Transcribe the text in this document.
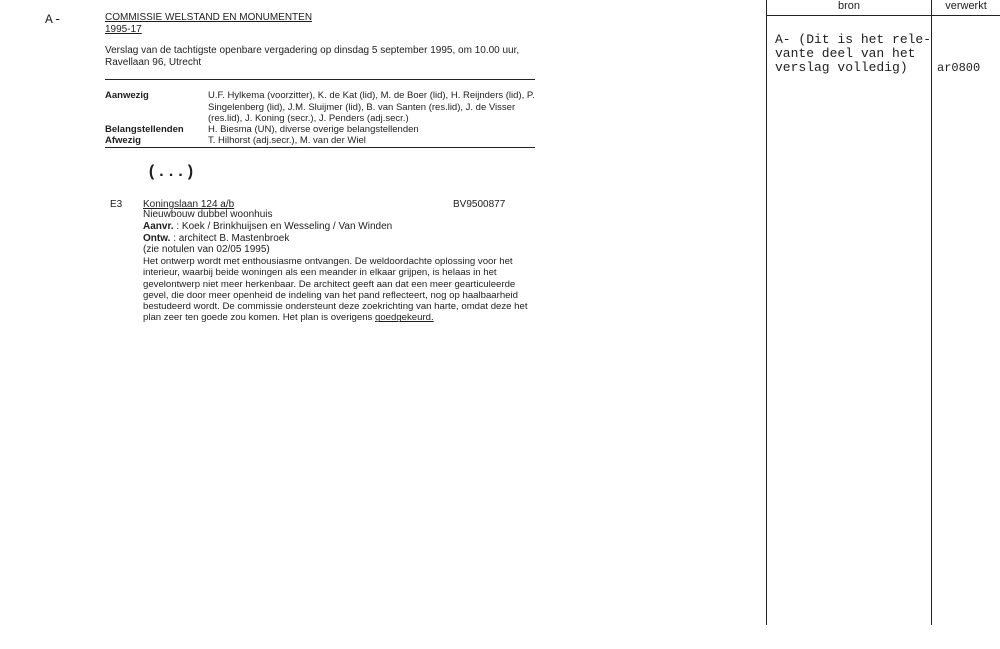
A-	COMMISSIE WELSTAND EN MONUMENTEN
1995-17
Verslag van de tachtigste openbare vergadering op dinsdag 5 september 1995, om 10.00 uur, Ravellaan 96, Utrecht
Aanwezig	U.F. Hylkema (voorzitter), K. de Kat (lid), M. de Boer (lid), H. Reijnders (lid), P. Singelenberg (lid), J.M. Sluijmer (lid), B. van Santen (res.lid), J. de Visser (res.lid), J. Koning (secr.), J. Penders (adj.secr.)
Belangstellenden	H. Biesma (UN), diverse overige belangstellenden
Afwezig	T. Hilhorst (adj.secr.), M. van der Wiel
(...)
E3 Koningslaan 124 a/b	BV9500877
Nieuwbouw dubbel woonhuis
Aanvr. : Koek / Brinkhuijsen en Wesseling / Van Winden
Ontw. : architect B. Mastenbroek
(zie notulen van 02/05 1995)
Het ontwerp wordt met enthousiasme ontvangen. De weldoordachte oplossing voor het interieur, waarbij beide woningen als een meander in elkaar grijpen, is helaas in het gevelontwerp niet meer herkenbaar. De architect geeft aan dat een meer gearticuleerde gevel, die door meer openheid de indeling van het pand reflecteert, nog op haalbaarheid bestudeerd wordt. De commissie ondersteunt deze zoekrichting van harte, omdat deze het plan zeer ten goede zou komen. Het plan is overigens goedgekeurd.
bron	verwerkt
A- (Dit is het rele-
vante deel van het
verslag volledig)	ar0800
